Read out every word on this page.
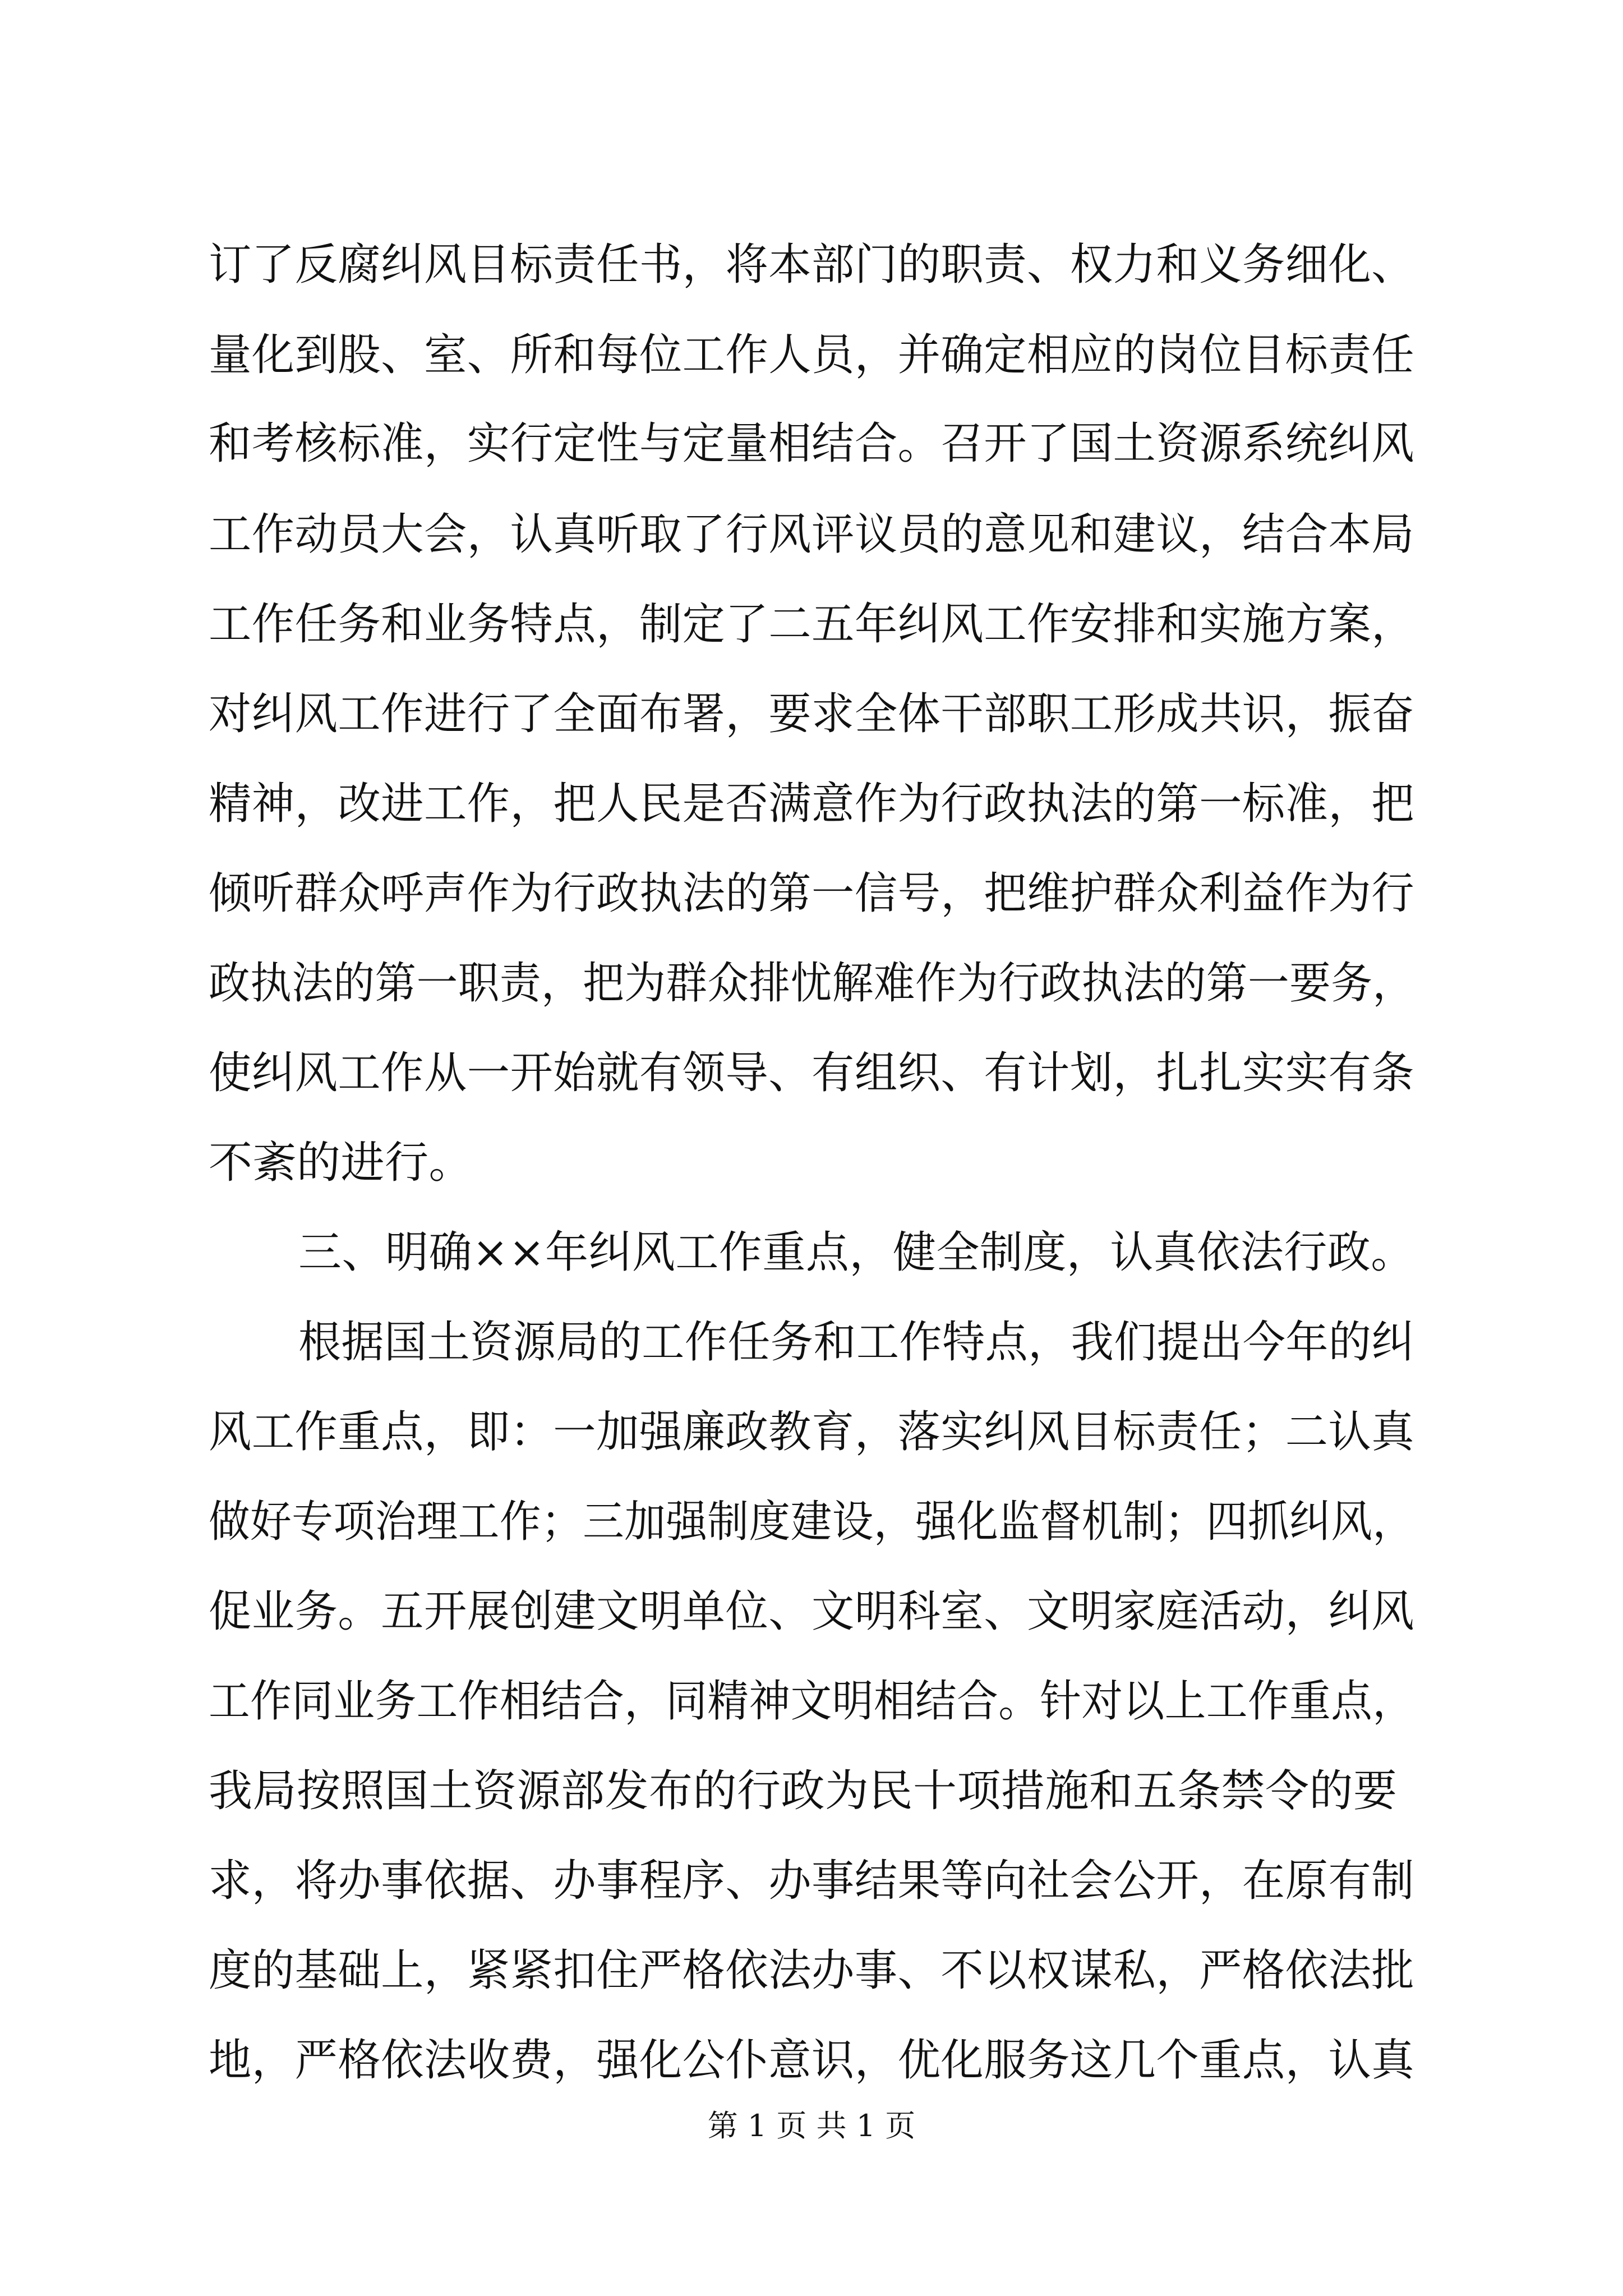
订了反腐纠风目标责任书，将本部门的职责、权力和义务细化、
量化到股、室、所和每位工作人员，并确定相应的岗位目标责任
和考核标准，实行定性与定量相结合。召开了国土资源系统纠风
工作动员大会，认真听取了行风评议员的意见和建议，结合本局
工作任务和业务特点，制定了二五年纠风工作安排和实施方案，
对纠风工作进行了全面布署，要求全体干部职工形成共识，振奋
精神，改进工作，把人民是否满意作为行政执法的第一标准，把
倾听群众呼声作为行政执法的第一信号，把维护群众利益作为行
政执法的第一职责，把为群众排忧解难作为行政执法的第一要务，
使纠风工作从一开始就有领导、有组织、有计划，扎扎实实有条
不紊的进行。
三、明确××年纠风工作重点，健全制度，认真依法行政。
根据国土资源局的工作任务和工作特点，我们提出今年的纠
风工作重点，即：一加强廉政教育，落实纠风目标责任；二认真
做好专项治理工作；三加强制度建设，强化监督机制；四抓纠风，
促业务。五开展创建文明单位、文明科室、文明家庭活动，纠风
工作同业务工作相结合，同精神文明相结合。针对以上工作重点，
我局按照国土资源部发布的行政为民十项措施和五条禁令的要
求，将办事依据、办事程序、办事结果等向社会公开，在原有制
度的基础上，紧紧扣住严格依法办事、不以权谋私，严格依法批
地，严格依法收费，强化公仆意识，优化服务这几个重点，认真
第 1 页 共 1 页
